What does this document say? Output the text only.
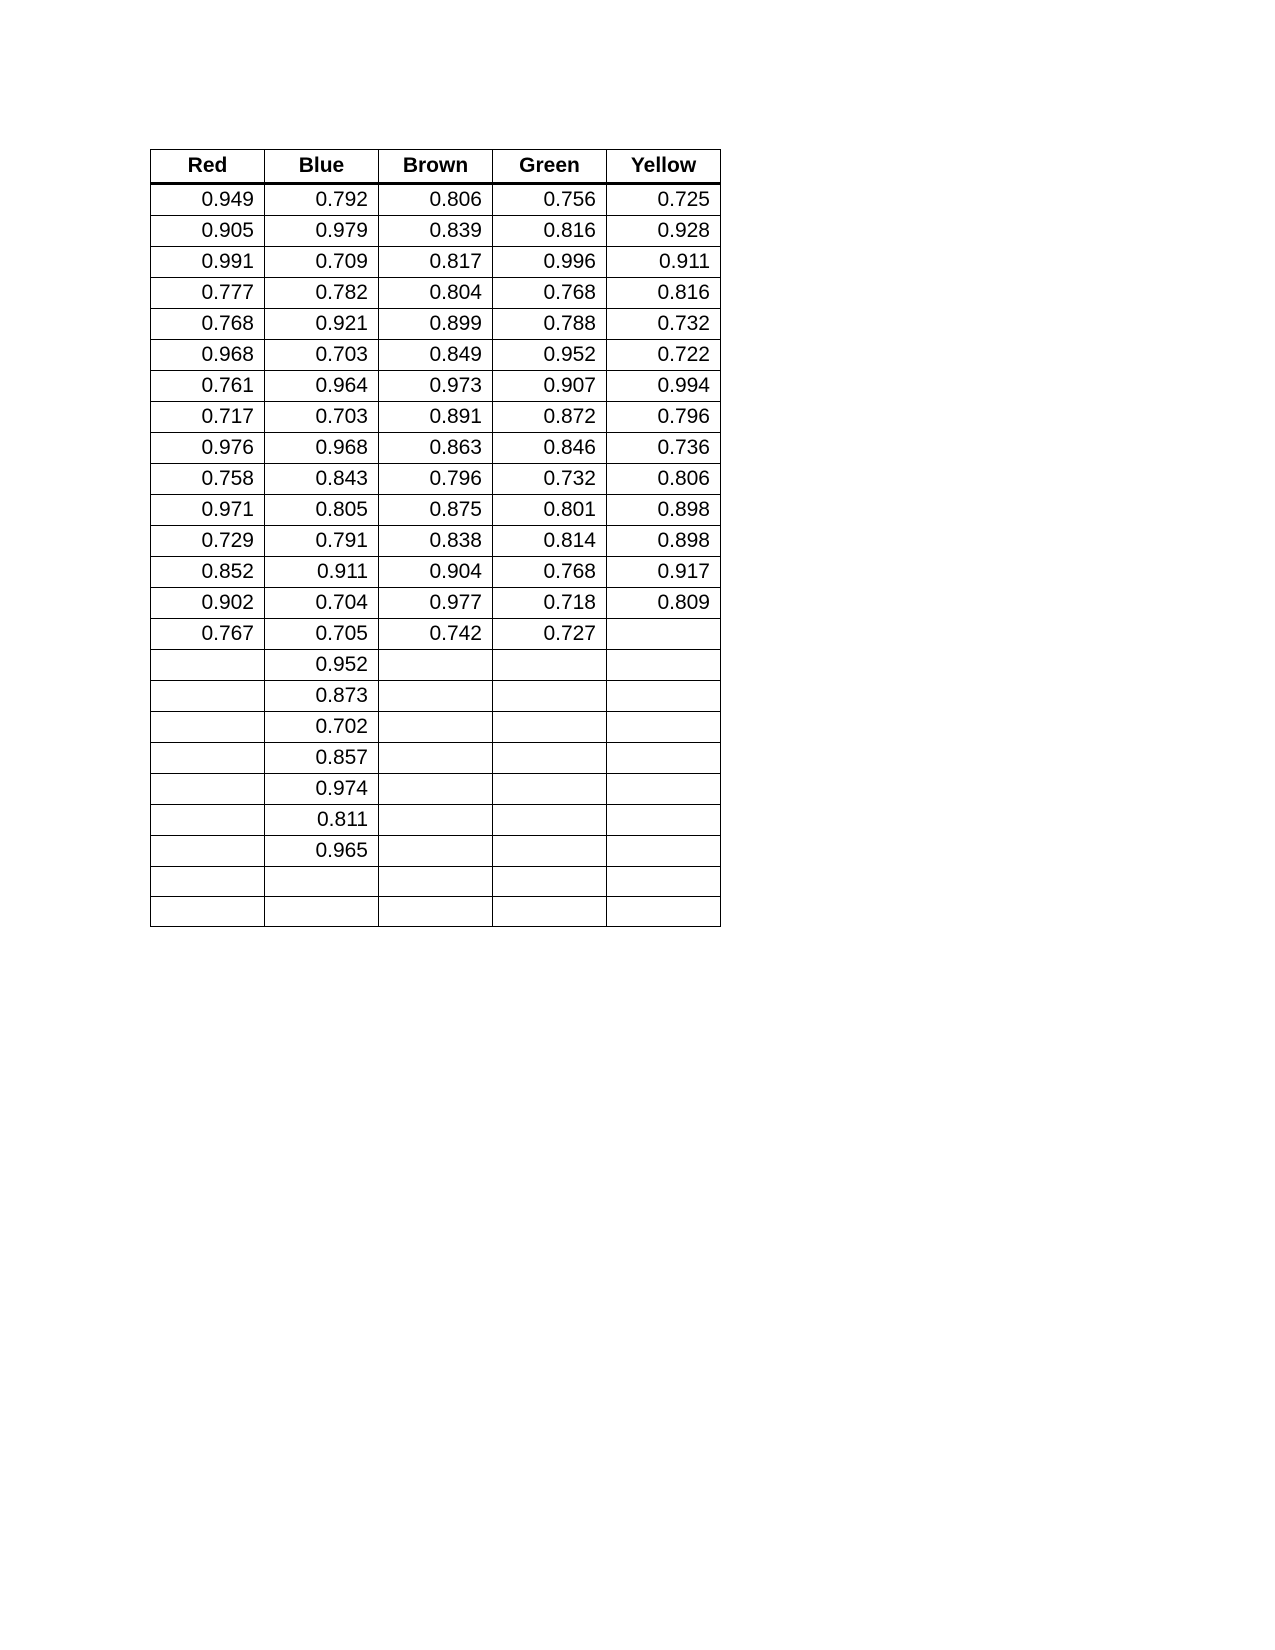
Red	Blue	Brown	Green	Yellow
0.949	0.792	0.806	0.756	0.725
0.905	0.979	0.839	0.816	0.928
0.991	0.709	0.817	0.996	0.911
0.777	0.782	0.804	0.768	0.816
0.768	0.921	0.899	0.788	0.732
0.968	0.703	0.849	0.952	0.722
0.761	0.964	0.973	0.907	0.994
0.717	0.703	0.891	0.872	0.796
0.976	0.968	0.863	0.846	0.736
0.758	0.843	0.796	0.732	0.806
0.971	0.805	0.875	0.801	0.898
0.729	0.791	0.838	0.814	0.898
0.852	0.911	0.904	0.768	0.917
0.902	0.704	0.977	0.718	0.809
0.767	0.705	0.742	0.727	
	0.952			
	0.873			
	0.702			
	0.857			
	0.974			
	0.811			
	0.965			
